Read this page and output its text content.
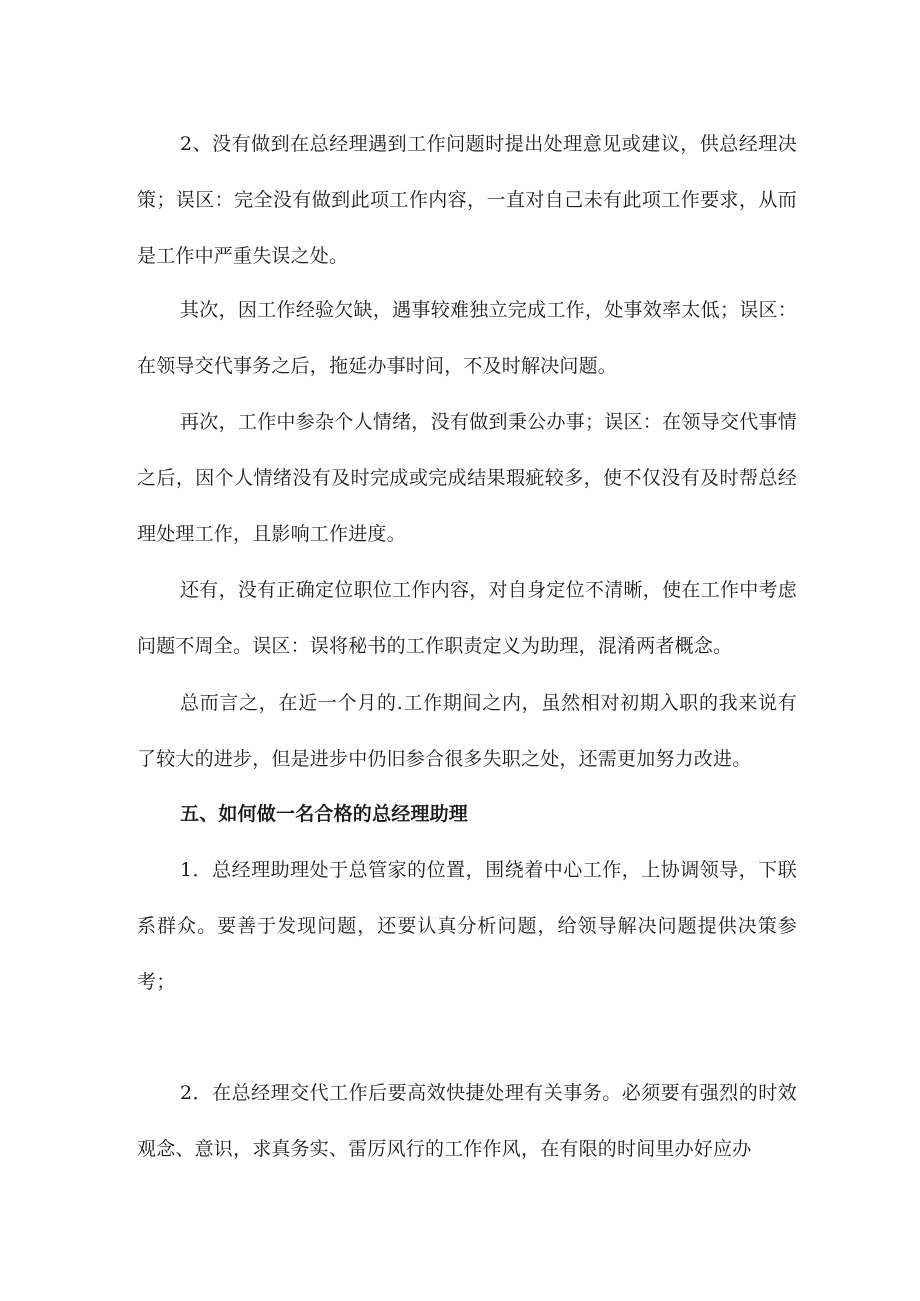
2、没有做到在总经理遇到工作问题时提出处理意见或建议，供总经理决策；误区：完全没有做到此项工作内容，一直对自己未有此项工作要求，从而是工作中严重失误之处。

其次，因工作经验欠缺，遇事较难独立完成工作，处事效率太低；误区：在领导交代事务之后，拖延办事时间，不及时解决问题。

再次，工作中参杂个人情绪，没有做到秉公办事；误区：在领导交代事情之后，因个人情绪没有及时完成或完成结果瑕疵较多，使不仅没有及时帮总经理处理工作，且影响工作进度。

还有，没有正确定位职位工作内容，对自身定位不清晰，使在工作中考虑问题不周全。误区：误将秘书的工作职责定义为助理，混淆两者概念。

总而言之，在近一个月的.工作期间之内，虽然相对初期入职的我来说有了较大的进步，但是进步中仍旧参合很多失职之处，还需更加努力改进。

五、如何做一名合格的总经理助理

1．总经理助理处于总管家的位置，围绕着中心工作，上协调领导，下联系群众。要善于发现问题，还要认真分析问题，给领导解决问题提供决策参考；

2．在总经理交代工作后要高效快捷处理有关事务。必须要有强烈的时效观念、意识，求真务实、雷厉风行的工作作风，在有限的时间里办好应办
